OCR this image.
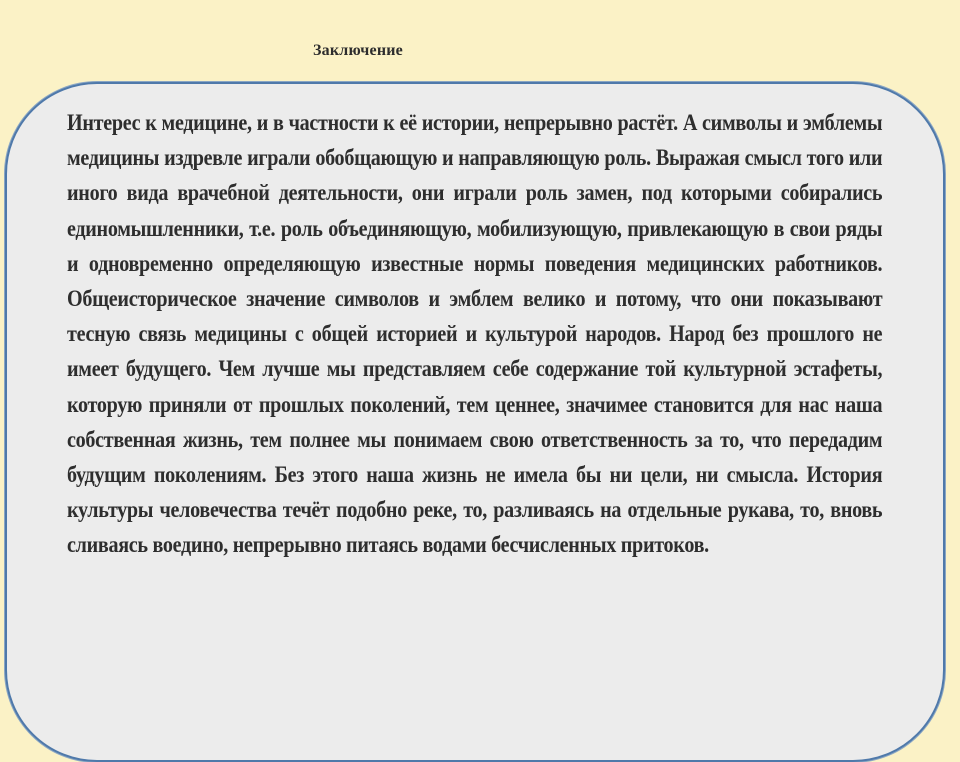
Заключение

Интерес к медицине, и в частности к её истории, непрерывно растёт. А символы и эмблемы медицины издревле играли обобщающую и направляющую роль. Выражая смысл того или иного вида врачебной деятельности, они играли роль замен, под которыми собирались единомышленники, т.е. роль объединяющую, мобилизующую, привлекающую в свои ряды и одновременно определяющую известные нормы поведения медицинских работников. Общеисторическое значение символов и эмблем велико и потому, что они показывают тесную связь медицины с общей историей и культурой народов. Народ без прошлого не имеет будущего. Чем лучше мы представляем себе содержание той культурной эстафеты, которую приняли от прошлых поколений, тем ценнее, значимее становится для нас наша собственная жизнь, тем полнее мы понимаем свою ответственность за то, что передадим будущим поколениям. Без этого наша жизнь не имела бы ни цели, ни смысла. История культуры человечества течёт подобно реке, то, разливаясь на отдельные рукава, то, вновь сливаясь воедино, непрерывно питаясь водами бесчисленных притоков.
